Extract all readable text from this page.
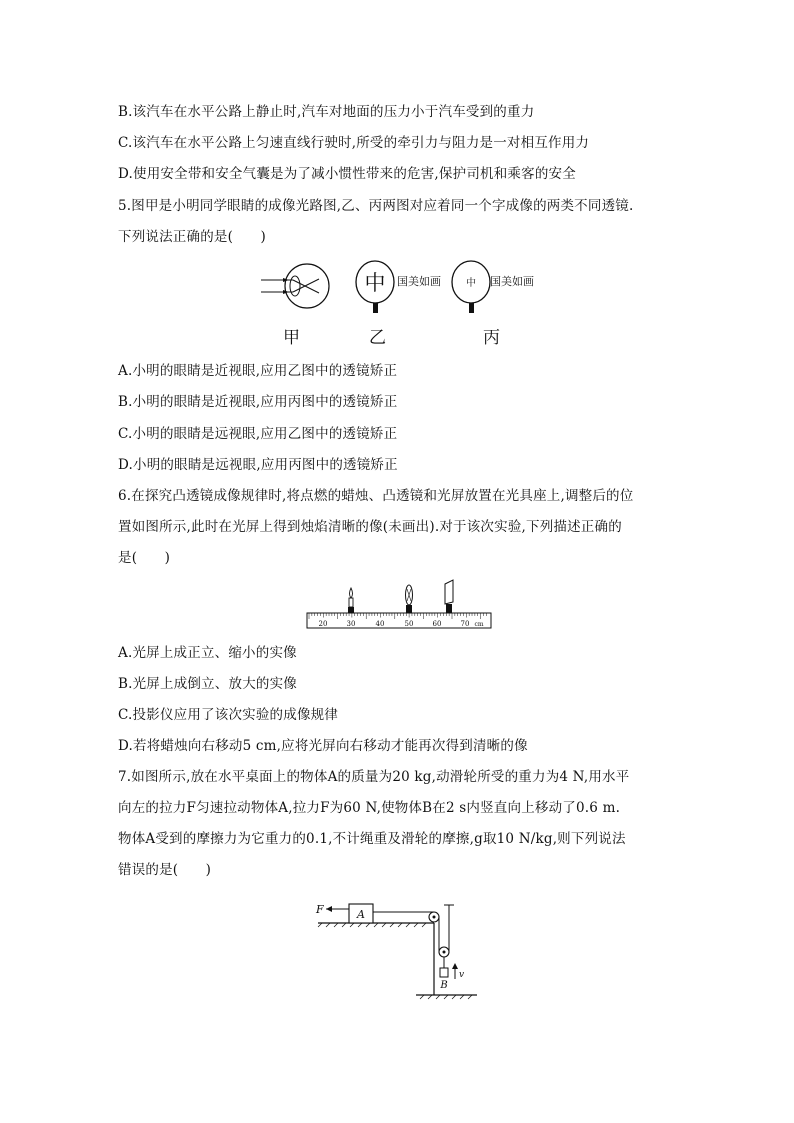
B.该汽车在水平公路上静止时,汽车对地面的压力小于汽车受到的重力
C.该汽车在水平公路上匀速直线行驶时,所受的牵引力与阻力是一对相互作用力
D.使用安全带和安全气囊是为了减小惯性带来的危害,保护司机和乘客的安全
5.图甲是小明同学眼睛的成像光路图,乙、丙两图对应着同一个字成像的两类不同透镜.
下列说法正确的是(　　)
A.小明的眼睛是近视眼,应用乙图中的透镜矫正
B.小明的眼睛是近视眼,应用丙图中的透镜矫正
C.小明的眼睛是远视眼,应用乙图中的透镜矫正
D.小明的眼睛是远视眼,应用丙图中的透镜矫正
6.在探究凸透镜成像规律时,将点燃的蜡烛、凸透镜和光屏放置在光具座上,调整后的位
置如图所示,此时在光屏上得到烛焰清晰的像(未画出).对于该次实验,下列描述正确的
是(　　)
A.光屏上成正立、缩小的实像
B.光屏上成倒立、放大的实像
C.投影仪应用了该次实验的成像规律
D.若将蜡烛向右移动5 cm,应将光屏向右移动才能再次得到清晰的像
7.如图所示,放在水平桌面上的物体A的质量为20 kg,动滑轮所受的重力为4 N,用水平
向左的拉力F匀速拉动物体A,拉力F为60 N,使物体B在2 s内竖直向上移动了0.6 m.
物体A受到的摩擦力为它重力的0.1,不计绳重及滑轮的摩擦,g取10 N/kg,则下列说法
错误的是(　　)
中 国美如画	中 国美如画
甲	乙	丙
20	30	40	50	60	70 cm
A
F
B
v
